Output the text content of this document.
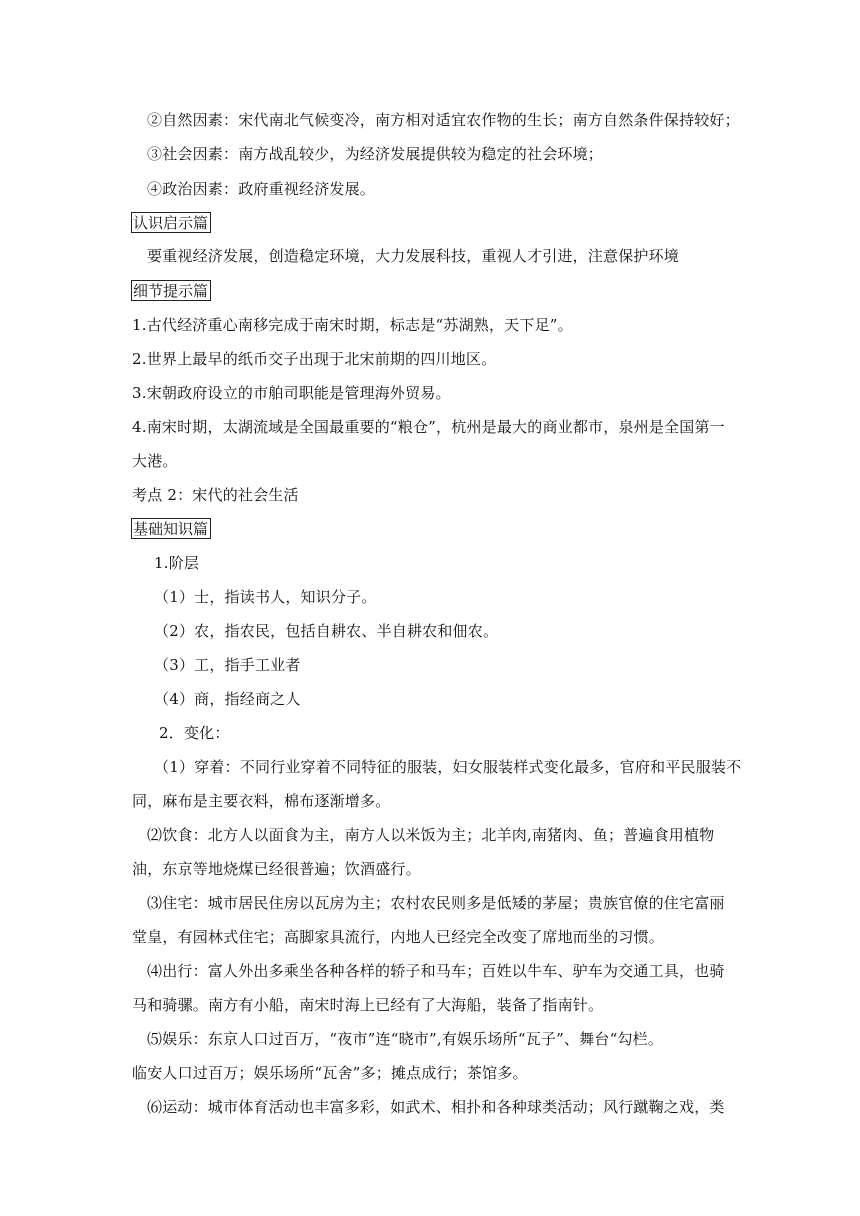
②自然因素：宋代南北气候变冷，南方相对适宜农作物的生长；南方自然条件保持较好；
③社会因素：南方战乱较少，为经济发展提供较为稳定的社会环境；
④政治因素：政府重视经济发展。
认识启示篇
要重视经济发展，创造稳定环境，大力发展科技，重视人才引进，注意保护环境
细节提示篇
1.古代经济重心南移完成于南宋时期，标志是“苏湖熟，天下足”。
2.世界上最早的纸币交子出现于北宋前期的四川地区。
3.宋朝政府设立的市舶司职能是管理海外贸易。
4.南宋时期，太湖流域是全国最重要的“粮仓”，杭州是最大的商业都市，泉州是全国第一
大港。
考点 2：宋代的社会生活
基础知识篇
1.阶层
（1）士，指读书人，知识分子。
（2）农，指农民，包括自耕农、半自耕农和佃农。
（3）工，指手工业者
（4）商，指经商之人
2．变化：
（1）穿着：不同行业穿着不同特征的服装，妇女服装样式变化最多，官府和平民服装不
同，麻布是主要衣料，棉布逐渐增多。
⑵饮食：北方人以面食为主，南方人以米饭为主；北羊肉,南猪肉、鱼；普遍食用植物
油，东京等地烧煤已经很普遍；饮酒盛行。
⑶住宅：城市居民住房以瓦房为主；农村农民则多是低矮的茅屋；贵族官僚的住宅富丽
堂皇，有园林式住宅；高脚家具流行，内地人已经完全改变了席地而坐的习惯。
⑷出行：富人外出多乘坐各种各样的轿子和马车；百姓以牛车、驴车为交通工具，也骑
马和骑骡。南方有小船，南宋时海上已经有了大海船，装备了指南针。
⑸娱乐：东京人口过百万，“夜市”连“晓市”,有娱乐场所“瓦子”、舞台“勾栏。
临安人口过百万；娱乐场所“瓦舍”多；摊点成行；茶馆多。
⑹运动：城市体育活动也丰富多彩，如武术、相扑和各种球类活动；风行蹴鞠之戏，类
